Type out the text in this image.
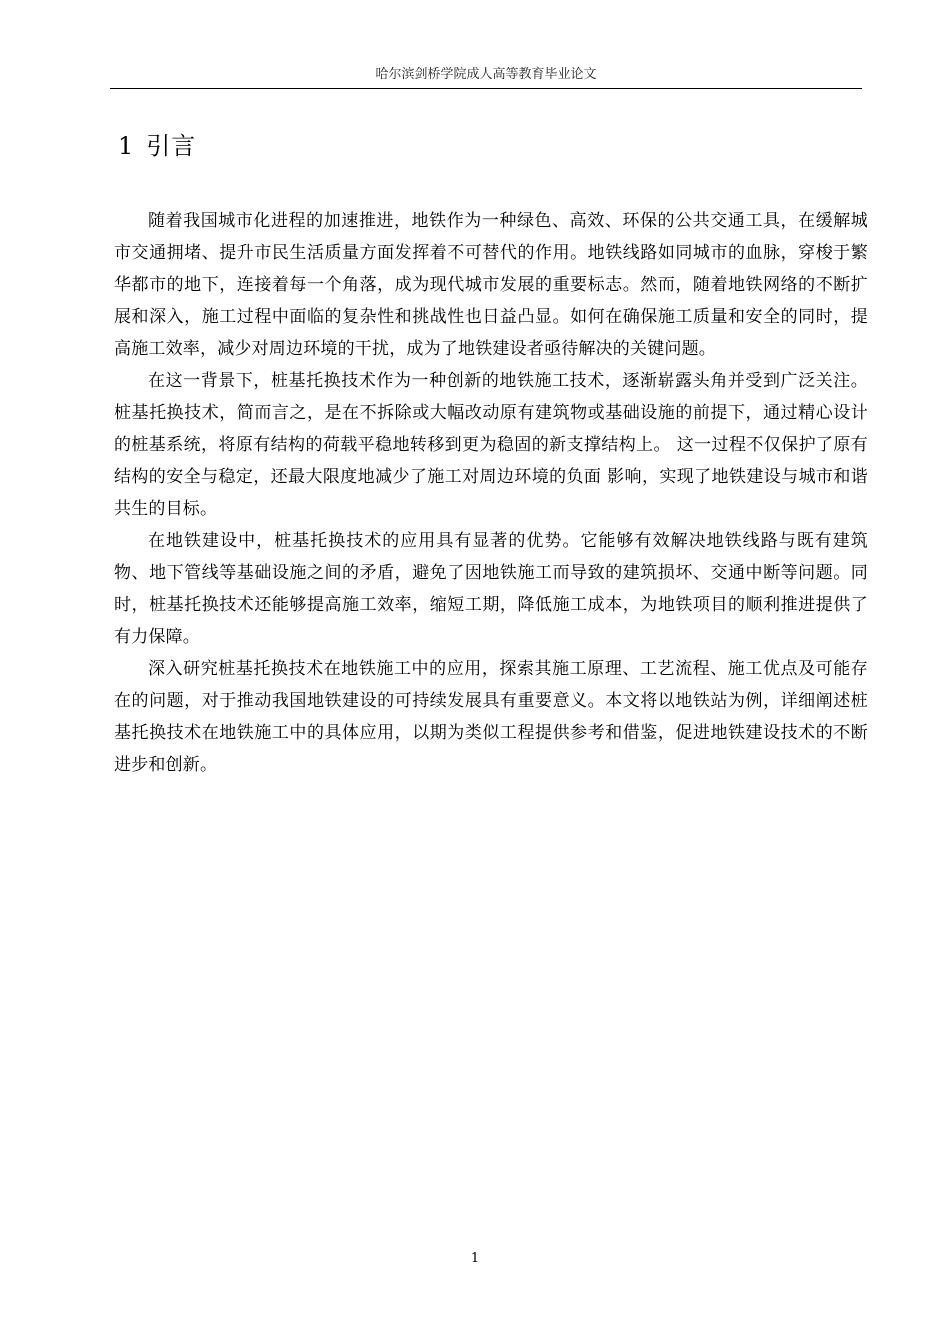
哈尔滨剑桥学院成人高等教育毕业论文
1 引言

随着我国城市化进程的加速推进，地铁作为一种绿色、高效、环保的公共交通工具，在缓解城市交通拥堵、提升市民生活质量方面发挥着不可替代的作用。地铁线路如同城市的血脉，穿梭于繁华都市的地下，连接着每一个角落，成为现代城市发展的重要标志。然而，随着地铁网络的不断扩展和深入，施工过程中面临的复杂性和挑战性也日益凸显。如何在确保施工质量和安全的同时，提高施工效率，减少对周边环境的干扰，成为了地铁建设者亟待解决的关键问题。

在这一背景下，桩基托换技术作为一种创新的地铁施工技术，逐渐崭露头角并受到广泛关注。桩基托换技术，简而言之，是在不拆除或大幅改动原有建筑物或基础设施的前提下，通过精心设计的桩基系统，将原有结构的荷载平稳地转移到更为稳固的新支撑结构上。 这一过程不仅保护了原有结构的安全与稳定，还最大限度地减少了施工对周边环境的负面 影响，实现了地铁建设与城市和谐共生的目标。

在地铁建设中，桩基托换技术的应用具有显著的优势。它能够有效解决地铁线路与既有建筑物、地下管线等基础设施之间的矛盾，避免了因地铁施工而导致的建筑损坏、交通中断等问题。同时，桩基托换技术还能够提高施工效率，缩短工期，降低施工成本，为地铁项目的顺利推进提供了有力保障。

深入研究桩基托换技术在地铁施工中的应用，探索其施工原理、工艺流程、施工优点及可能存在的问题，对于推动我国地铁建设的可持续发展具有重要意义。本文将以地铁站为例，详细阐述桩基托换技术在地铁施工中的具体应用，以期为类似工程提供参考和借鉴，促进地铁建设技术的不断进步和创新。

1
